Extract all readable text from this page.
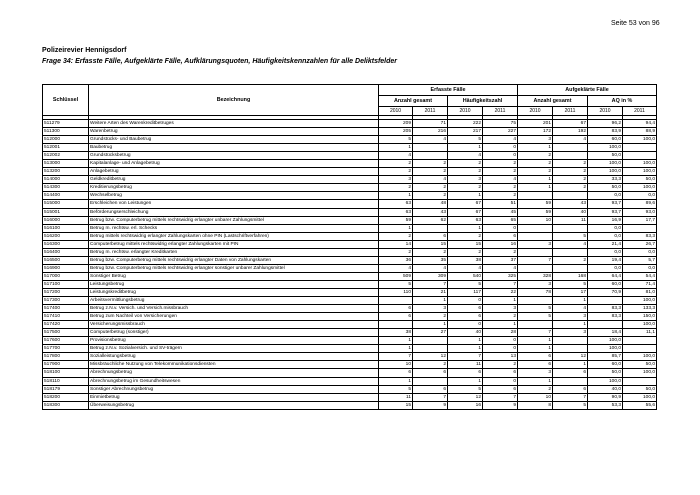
Seite 53 von 96
Polizeirevier Hennigsdorf
Frage 34: Erfasste Fälle, Aufgeklärte Fälle, Aufklärungsquoten, Häufigkeitskennzahlen für alle Deliktsfelder
Schlüssel	Bezeichnung	Erfasste Fälle				Aufgeklärte Fälle			
		Anzahl gesamt		Häufigkeitszahl		Anzahl gesamt		AQ in %	
		2010	2011	2010	2011	2010	2011	2010	2011

511279	Weitere Arten des Warenkreditbetruges	209	71	222	75	201	67	96,2	94,4
511300	Warenbetrug	205	216	217	227	172	192	83,9	88,9
512000	Grundstücks- und Baubetrug	5	4	5	4	3	4	60,0	100,0
512001	Baubetrug	1		1	0	1		100,0	
512002	Grundstücksbetrug	4		4	0	2		50,0	
513000	Kapitalanlage- und Anlagebetrug	2	2	2	2	2	2	100,0	100,0
513200	Anlagebetrug	2	2	2	2	2	2	100,0	100,0
514000	Geldkreditbetrug	3	4	3	4	1	2	33,3	50,0
514300	Kreditierungsbetrug	2	2	2	2	1	2	50,0	100,0
514400	Wechselbetrug	1	2	1	2			0,0	0,0
515000	Erschleichen von Leistungen	63	48	67	51	59	43	93,7	89,6
515001	Beförderungserschleichung	63	43	67	45	59	40	93,7	93,0
516000	Betrug bzw. Computerbetrug mittels rechtswidrig erlangter unbarer Zahlungsmittel	59	62	63	65	10	11	16,9	17,7
516100	Betrug m. rechtsw. erl. Schecks	1		1	0			0,0	
516200	Betrug mittels rechtswidrig erlangter Zahlungskarten ohne PIN (Lastschriftverfahren)	2	6	2	6		5	0,0	83,3
516300	Computerbetrug mittels rechtswidrig erlangter Zahlungskarten mit PIN	14	15	15	16	3	4	21,4	26,7
516400	Betrug m. rechtsw. erlangter Kreditkarten	2	2	2	2			0,0	0,0
516500	Betrug bzw. Computerbetrug mittels rechtswidrig erlangter Daten von Zahlungskarten	36	35	38	37	7	2	19,4	5,7
516900	Betrug bzw. Computerbetrug mittels rechtswidrig erlangter sonstiger unbarer Zahlungsmittel	4	4	4	4			0,0	0,0
517000	Sonstiger Betrug	509	309	540	325	328	168	64,4	54,4
517100	Leistungsbetrug	5	7	5	7	3	5	60,0	71,4
517200	Leistungskreditbetrug	110	21	117	22	78	17	70,9	81,0
517300	Arbeitsvermittlungsbetrug		1	0	1		1		100,0
517400	Betrug z.N.v. Versich. und Versich.missbrauch	6	3	6	3	5	4	83,3	133,3
517410	Betrug zum Nachteil von Versicherungen	6	2	6	2	5	3	83,3	150,0
517420	Versicherungsmissbrauch		1	0	1		1		100,0
517500	Computerbetrug (sonstiger)	38	27	40	28	7	3	18,4	11,1
517600	Provisionsbetrug	1		1	0	1		100,0	
517700	Betrug z.N.v. Sozialversich. und SV-trägern	1		1	0	1		100,0	
517800	Sozialleistungsbetrug	7	12	7	13	6	12	85,7	100,0
517900	Missbräuchliche Nutzung von Telekommunikationsdiensten	10	2	11	2	6	1	60,0	50,0
518100	Abrechnungsbetrug	6	6	6	6	3	6	50,0	100,0
518110	Abrechnungsbetrug im Gesundheitswesen	1		1	0	1		100,0	
518179	Sonstiger Abrechnungsbetrug	5	6	5	6	2	6	40,0	50,0
518200	Einmietbetrug	11	7	12	7	10	7	90,9	100,0
518300	Überweisungsbetrug	15	9	16	9	8	5	53,3	55,6
